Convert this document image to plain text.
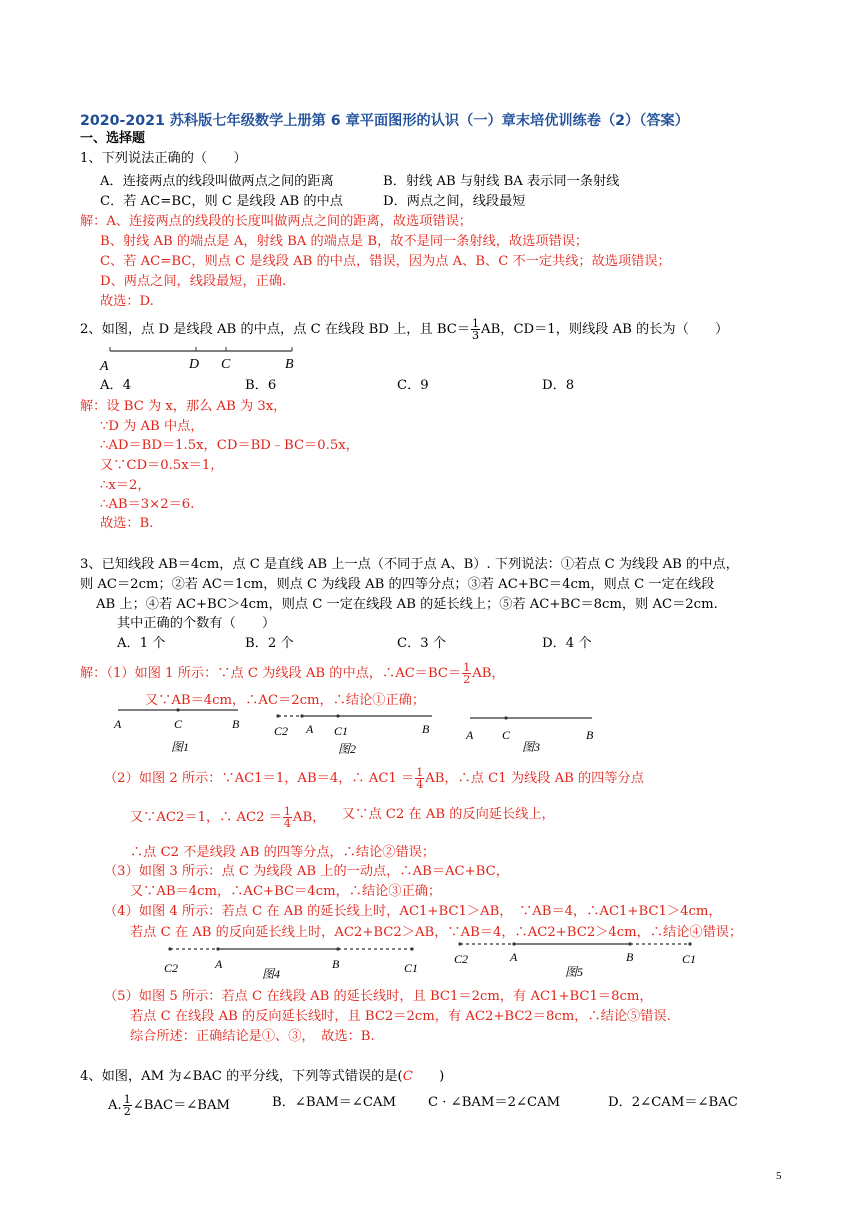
2020-2021 苏科版七年级数学上册第 6 章平面图形的认识（一）章末培优训练卷（2）（答案）
一、选择题
1、下列说法正确的（　　）
A．连接两点的线段叫做两点之间的距离	B．射线 AB 与射线 BA 表示同一条射线
C．若 AC=BC，则 C 是线段 AB 的中点	D．两点之间，线段最短
解：A、连接两点的线段的长度叫做两点之间的距离，故选项错误；
B、射线 AB 的端点是 A，射线 BA 的端点是 B，故不是同一条射线，故选项错误；
C、若 AC=BC，则点 C 是线段 AB 的中点，错误，因为点 A、B、C 不一定共线；故选项错误；
D、两点之间，线段最短，正确.
故选：D.
2、如图，点 D 是线段 AB 的中点，点 C 在线段 BD 上，且 $BC= \frac{1}{3}$ AB，CD＝1，则线段 AB 的长为（　　）
A	D C	B
A．4	B．6	C．9	D．8
解：设 BC 为 x，那么 AB 为 3x，
∵D 为 AB 中点，
∴AD＝BD＝1.5x，CD＝BD﹣BC＝0.5x，
又∵CD＝0.5x＝1，
∴x＝2，
∴AB＝3×2＝6.
故选：B.
3、已知线段 AB＝4cm，点 C 是直线 AB 上一点（不同于点 A、B）. 下列说法：①若点 C 为线段 AB 的中点，
则 AC＝2cm；②若 AC＝1cm，则点 C 为线段 AB 的四等分点；③若 AC+BC＝4cm，则点 C 一定在线段
AB 上；④若 AC+BC＞4cm，则点 C 一定在线段 AB 的延长线上；⑤若 AC+BC＝8cm，则 AC＝2cm.
其中正确的个数有（　　）
A．1 个	B．2 个	C．3 个	D．4 个
解：（1）如图 1 所示：∵点 C 为线段 AB 的中点，∴AC＝BC＝ $\frac{1}{2}$ AB，
又∵AB＝4cm，∴AC＝2cm，∴结论①正确；
A	C	B
图1
C2 A C1	B
图2
A C	B
图3
（2）如图 2 所示：∵AC1＝1，AB＝4，∴ $AC1 = \frac{1}{4}$ AB，∴点 C1 为线段 AB 的四等分点
又∵AC2＝1，∴ $AC2 = \frac{1}{4}$ AB， 又∵点 C2 在 AB 的反向延长线上，
∴点 C2 不是线段 AB 的四等分点，∴结论②错误；
（3）如图 3 所示：点 C 为线段 AB 上的一动点，∴AB＝AC+BC，
又∵AB＝4cm，∴AC+BC＝4cm，∴结论③正确；
（4）如图 4 所示：若点 C 在 AB 的延长线上时，AC1+BC1＞AB，　∵AB＝4，∴AC1+BC1＞4cm，
若点 C 在 AB 的反向延长线上时，AC2+BC2＞AB，∵AB＝4，∴AC2+BC2＞4cm，∴结论④错误；
C2	A	B	C1
图4
C2	A	B	C1
图5
（5）如图 5 所示：若点 C 在线段 AB 的延长线时，且 BC1＝2cm，有 AC1+BC1＝8cm，
若点 C 在线段 AB 的反向延长线时，且 BC2＝2cm，有 AC2+BC2＝8cm，∴结论⑤错误.
综合所述：正确结论是①、③，　故选：B.
4、如图，AM 为∠BAC 的平分线，下列等式错误的是(C　　)
A. $\frac{1}{2}$ ∠BAC＝∠BAM	B．∠BAM＝∠CAM C · ∠BAM＝2∠CAM	D．2∠CAM＝∠BAC
5
